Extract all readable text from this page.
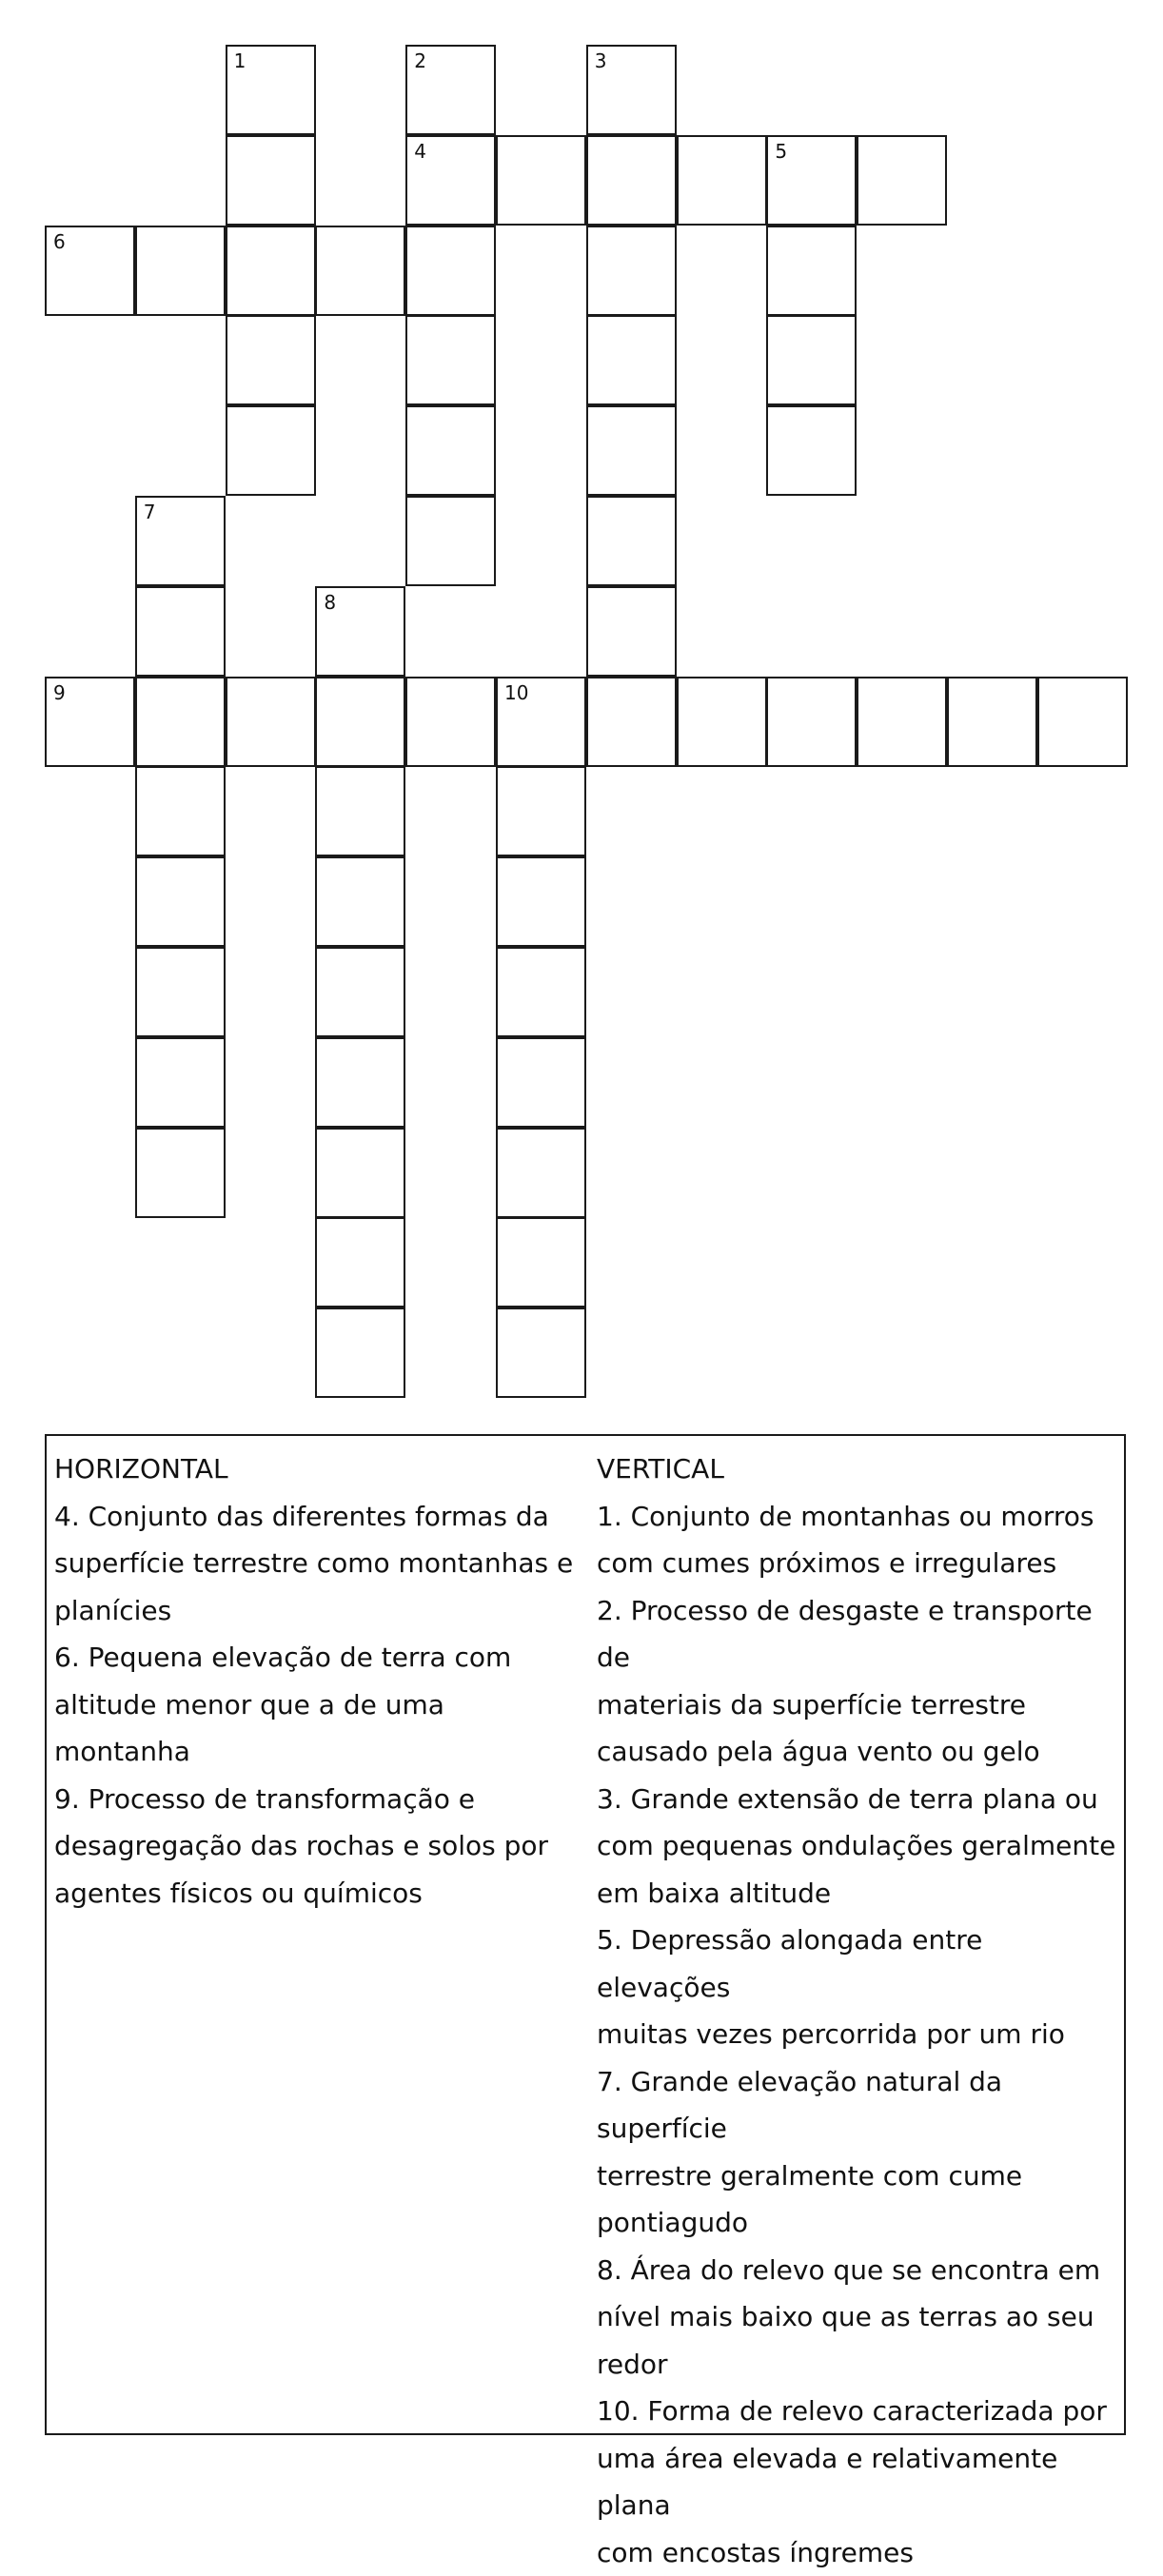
1	2	3
4	5
6
7
8
9	10
HORIZONTAL
4. Conjunto das diferentes formas da
superfície terrestre como montanhas e
planícies
6. Pequena elevação de terra com
altitude menor que a de uma montanha
9. Processo de transformação e
desagregação das rochas e solos por
agentes físicos ou químicos
VERTICAL
1. Conjunto de montanhas ou morros
com cumes próximos e irregulares
2. Processo de desgaste e transporte de
materiais da superfície terrestre
causado pela água vento ou gelo
3. Grande extensão de terra plana ou
com pequenas ondulações geralmente
em baixa altitude
5. Depressão alongada entre elevações
muitas vezes percorrida por um rio
7. Grande elevação natural da superfície
terrestre geralmente com cume
pontiagudo
8. Área do relevo que se encontra em
nível mais baixo que as terras ao seu
redor
10. Forma de relevo caracterizada por
uma área elevada e relativamente plana
com encostas íngremes
